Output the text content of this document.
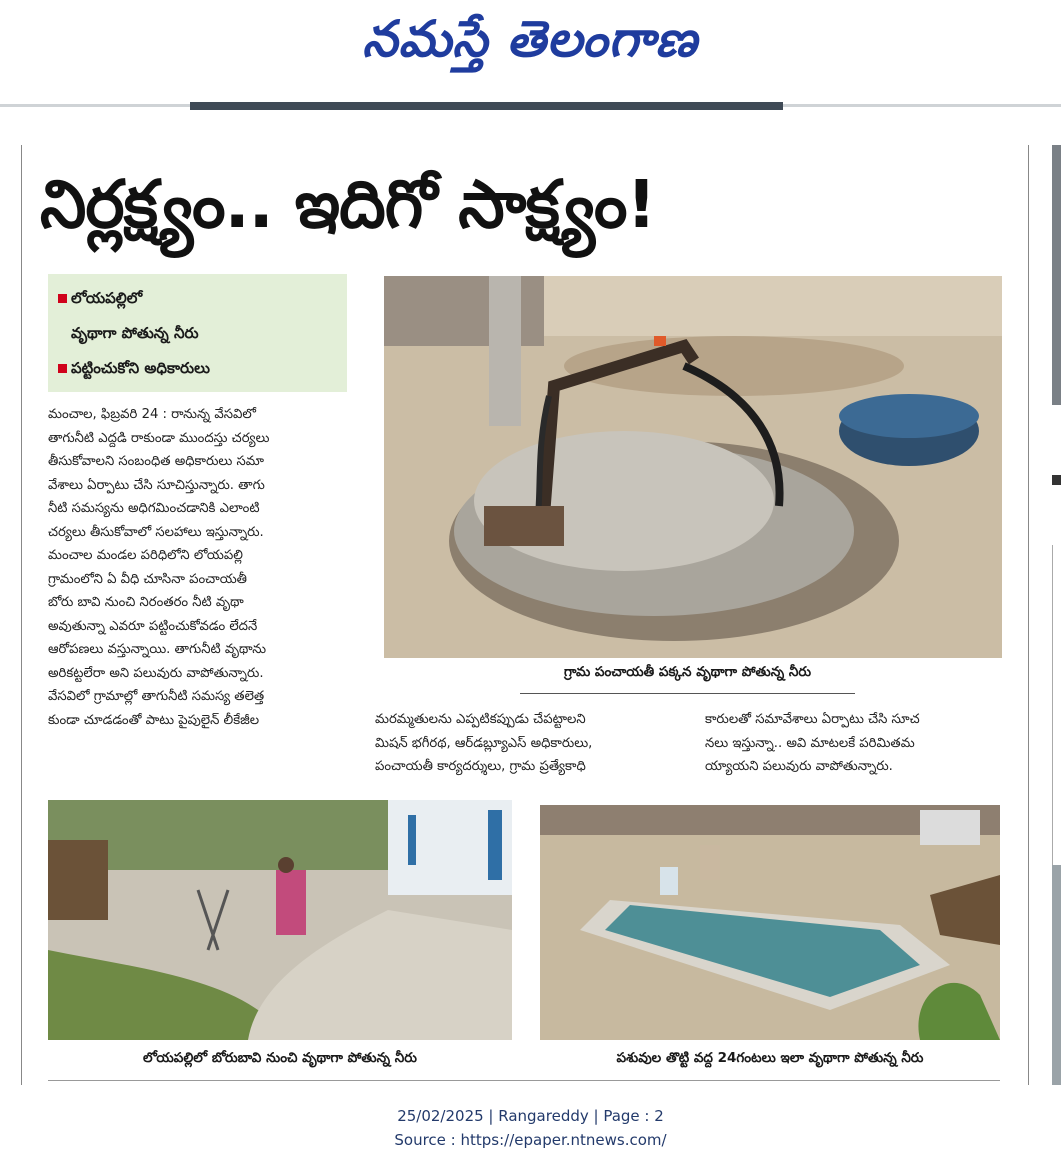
నమస్తే తెలంగాణ
నిర్లక్ష్యం.. ఇదిగో సాక్ష్యం!
లోయపల్లిలో
వృథాగా పోతున్న నీరు
పట్టించుకోని అధికారులు

మంచాల, ఫిబ్రవరి 24 : రానున్న వేసవిలో

తాగునీటి ఎద్దడి రాకుండా ముందస్తు చర్యలు

తీసుకోవాలని సంబంధిత అధికారులు సమా

వేశాలు ఏర్పాటు చేసి సూచిస్తున్నారు. తాగు

నీటి సమస్యను అధిగమించడానికి ఎలాంటి

చర్యలు తీసుకోవాలో సలహాలు ఇస్తున్నారు.

మంచాల మండల పరిధిలోని లోయపల్లి

గ్రామంలోని ఏ వీధి చూసినా పంచాయతీ

బోరు బావి నుంచి నిరంతరం నీటి వృథా

అవుతున్నా ఎవరూ పట్టించుకోవడం లేదనే

ఆరోపణలు వస్తున్నాయి. తాగునీటి వృథాను

అరికట్టలేరా అని పలువురు వాపోతున్నారు.

వేసవిలో గ్రామాల్లో తాగునీటి సమస్య తలెత్త

కుండా చూడడంతో పాటు పైపులైన్ లీకేజీల

గ్రామ పంచాయతీ పక్కన వృథాగా పోతున్న నీరు

మరమ్మతులను ఎప్పటికప్పుడు చేపట్టాలని

మిషన్ భగీరథ, ఆర్‌డబ్ల్యూఎస్ అధికారులు,

పంచాయతీ కార్యదర్శులు, గ్రామ ప్రత్యేకాధి

కారులతో సమావేశాలు ఏర్పాటు చేసి సూచ

నలు ఇస్తున్నా.. అవి మాటలకే పరిమితమ

య్యాయని పలువురు వాపోతున్నారు.

లోయపల్లిలో బోరుబావి నుంచి వృథాగా పోతున్న నీరు	పశువుల తొట్టి వద్ద 24గంటలు ఇలా వృథాగా పోతున్న నీరు
25/02/2025 | Rangareddy | Page : 2
Source : https://epaper.ntnews.com/
